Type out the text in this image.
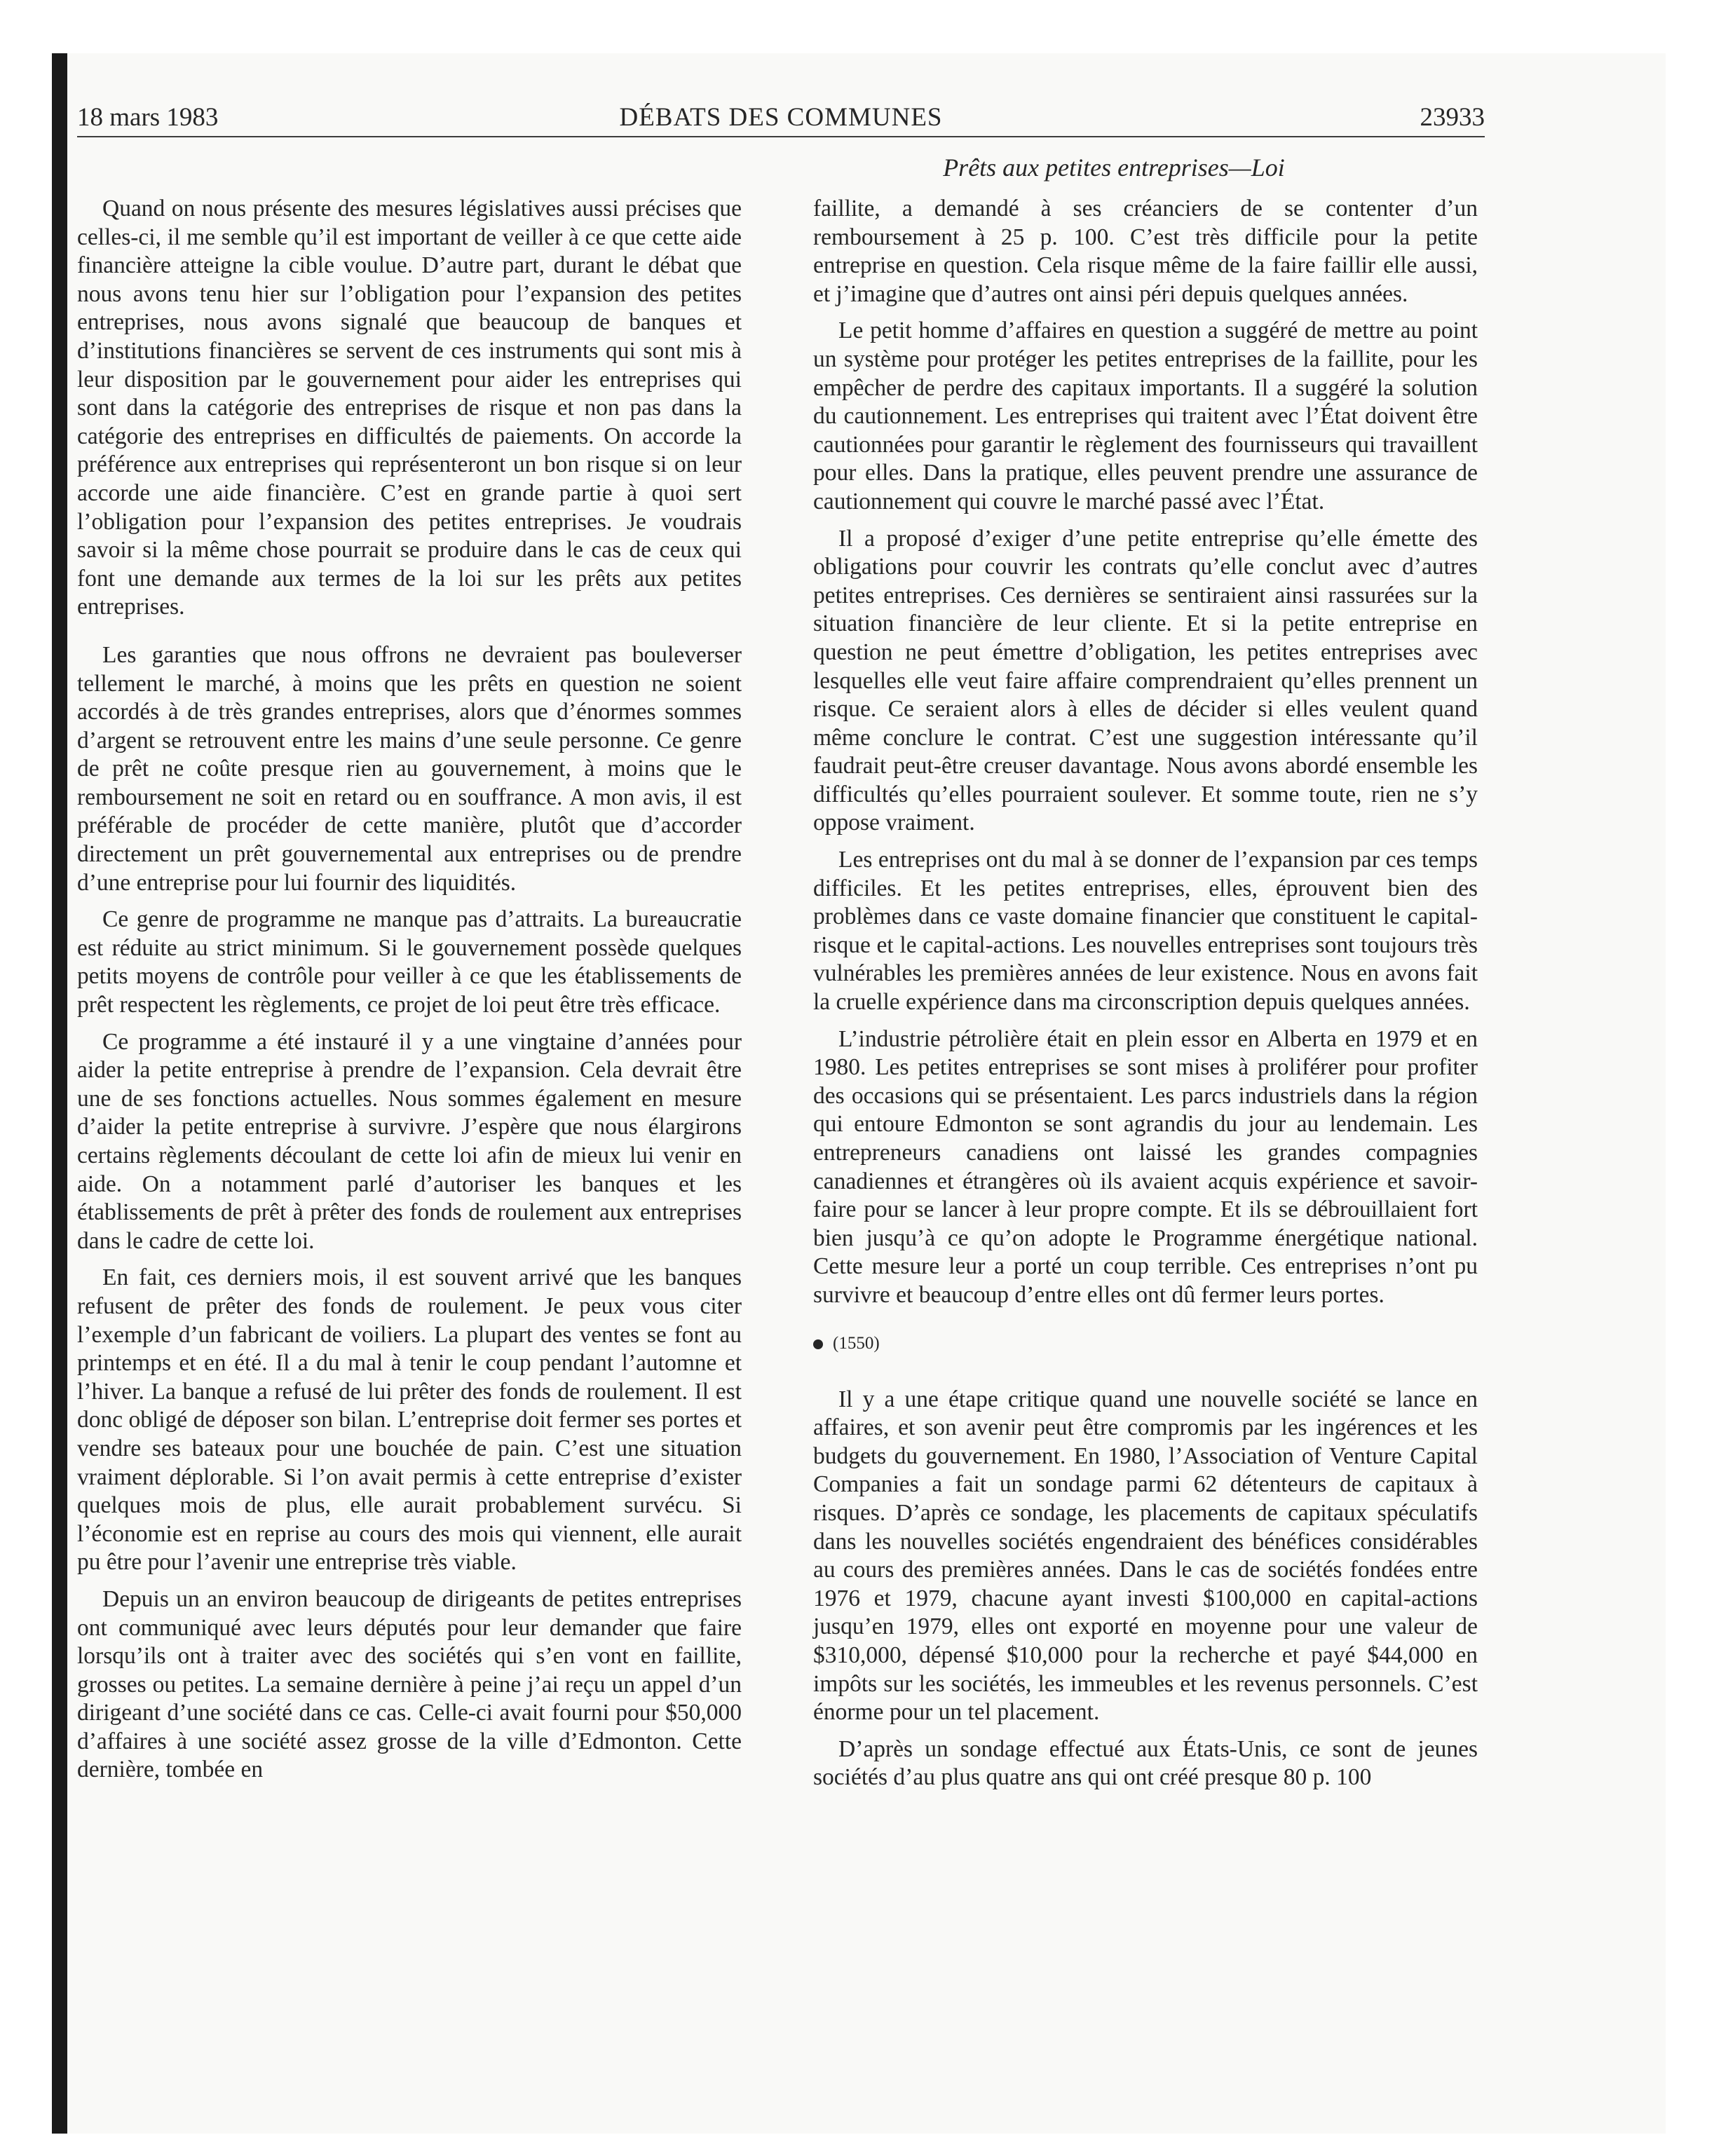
18 mars 1983	DÉBATS DES COMMUNES	23933
Prêts aux petites entreprises—Loi

Quand on nous présente des mesures législatives aussi précises que celles-ci, il me semble qu’il est important de veiller à ce que cette aide financière atteigne la cible voulue. D’autre part, durant le débat que nous avons tenu hier sur l’obligation pour l’expansion des petites entreprises, nous avons signalé que beaucoup de banques et d’institutions financières se servent de ces instruments qui sont mis à leur disposition par le gouvernement pour aider les entreprises qui sont dans la catégorie des entreprises de risque et non pas dans la catégorie des entreprises en difficultés de paiements. On accorde la préférence aux entreprises qui représenteront un bon risque si on leur accorde une aide financière. C’est en grande partie à quoi sert l’obligation pour l’expansion des petites entreprises. Je voudrais savoir si la même chose pourrait se produire dans le cas de ceux qui font une demande aux termes de la loi sur les prêts aux petites entreprises.

Les garanties que nous offrons ne devraient pas bouleverser tellement le marché, à moins que les prêts en question ne soient accordés à de très grandes entreprises, alors que d’énormes sommes d’argent se retrouvent entre les mains d’une seule personne. Ce genre de prêt ne coûte presque rien au gouvernement, à moins que le remboursement ne soit en retard ou en souffrance. A mon avis, il est préférable de procéder de cette manière, plutôt que d’accorder directement un prêt gouvernemental aux entreprises ou de prendre d’une entreprise pour lui fournir des liquidités.

Ce genre de programme ne manque pas d’attraits. La bureaucratie est réduite au strict minimum. Si le gouvernement possède quelques petits moyens de contrôle pour veiller à ce que les établissements de prêt respectent les règlements, ce projet de loi peut être très efficace.

Ce programme a été instauré il y a une vingtaine d’années pour aider la petite entreprise à prendre de l’expansion. Cela devrait être une de ses fonctions actuelles. Nous sommes également en mesure d’aider la petite entreprise à survivre. J’espère que nous élargirons certains règlements découlant de cette loi afin de mieux lui venir en aide. On a notamment parlé d’autoriser les banques et les établissements de prêt à prêter des fonds de roulement aux entreprises dans le cadre de cette loi.

En fait, ces derniers mois, il est souvent arrivé que les banques refusent de prêter des fonds de roulement. Je peux vous citer l’exemple d’un fabricant de voiliers. La plupart des ventes se font au printemps et en été. Il a du mal à tenir le coup pendant l’automne et l’hiver. La banque a refusé de lui prêter des fonds de roulement. Il est donc obligé de déposer son bilan. L’entreprise doit fermer ses portes et vendre ses bateaux pour une bouchée de pain. C’est une situation vraiment déplorable. Si l’on avait permis à cette entreprise d’exister quelques mois de plus, elle aurait probablement survécu. Si l’économie est en reprise au cours des mois qui viennent, elle aurait pu être pour l’avenir une entreprise très viable.

Depuis un an environ beaucoup de dirigeants de petites entreprises ont communiqué avec leurs députés pour leur demander que faire lorsqu’ils ont à traiter avec des sociétés qui s’en vont en faillite, grosses ou petites. La semaine dernière à peine j’ai reçu un appel d’un dirigeant d’une société dans ce cas. Celle-ci avait fourni pour $50,000 d’affaires à une société assez grosse de la ville d’Edmonton. Cette dernière, tombée en

faillite, a demandé à ses créanciers de se contenter d’un remboursement à 25 p. 100. C’est très difficile pour la petite entreprise en question. Cela risque même de la faire faillir elle aussi, et j’imagine que d’autres ont ainsi péri depuis quelques années.

Le petit homme d’affaires en question a suggéré de mettre au point un système pour protéger les petites entreprises de la faillite, pour les empêcher de perdre des capitaux importants. Il a suggéré la solution du cautionnement. Les entreprises qui traitent avec l’État doivent être cautionnées pour garantir le règlement des fournisseurs qui travaillent pour elles. Dans la pratique, elles peuvent prendre une assurance de cautionnement qui couvre le marché passé avec l’État.

Il a proposé d’exiger d’une petite entreprise qu’elle émette des obligations pour couvrir les contrats qu’elle conclut avec d’autres petites entreprises. Ces dernières se sentiraient ainsi rassurées sur la situation financière de leur cliente. Et si la petite entreprise en question ne peut émettre d’obligation, les petites entreprises avec lesquelles elle veut faire affaire comprendraient qu’elles prennent un risque. Ce seraient alors à elles de décider si elles veulent quand même conclure le contrat. C’est une suggestion intéressante qu’il faudrait peut-être creuser davantage. Nous avons abordé ensemble les difficultés qu’elles pourraient soulever. Et somme toute, rien ne s’y oppose vraiment.

Les entreprises ont du mal à se donner de l’expansion par ces temps difficiles. Et les petites entreprises, elles, éprouvent bien des problèmes dans ce vaste domaine financier que constituent le capital-risque et le capital-actions. Les nouvelles entreprises sont toujours très vulnérables les premières années de leur existence. Nous en avons fait la cruelle expérience dans ma circonscription depuis quelques années.

L’industrie pétrolière était en plein essor en Alberta en 1979 et en 1980. Les petites entreprises se sont mises à proliférer pour profiter des occasions qui se présentaient. Les parcs industriels dans la région qui entoure Edmonton se sont agrandis du jour au lendemain. Les entrepreneurs canadiens ont laissé les grandes compagnies canadiennes et étrangères où ils avaient acquis expérience et savoir-faire pour se lancer à leur propre compte. Et ils se débrouillaient fort bien jusqu’à ce qu’on adopte le Programme énergétique national. Cette mesure leur a porté un coup terrible. Ces entreprises n’ont pu survivre et beaucoup d’entre elles ont dû fermer leurs portes.

(1550)

Il y a une étape critique quand une nouvelle société se lance en affaires, et son avenir peut être compromis par les ingérences et les budgets du gouvernement. En 1980, l’Association of Venture Capital Companies a fait un sondage parmi 62 détenteurs de capitaux à risques. D’après ce sondage, les placements de capitaux spéculatifs dans les nouvelles sociétés engendraient des bénéfices considérables au cours des premières années. Dans le cas de sociétés fondées entre 1976 et 1979, chacune ayant investi $100,000 en capital-actions jusqu’en 1979, elles ont exporté en moyenne pour une valeur de $310,000, dépensé $10,000 pour la recherche et payé $44,000 en impôts sur les sociétés, les immeubles et les revenus personnels. C’est énorme pour un tel placement.

D’après un sondage effectué aux États-Unis, ce sont de jeunes sociétés d’au plus quatre ans qui ont créé presque 80 p. 100
